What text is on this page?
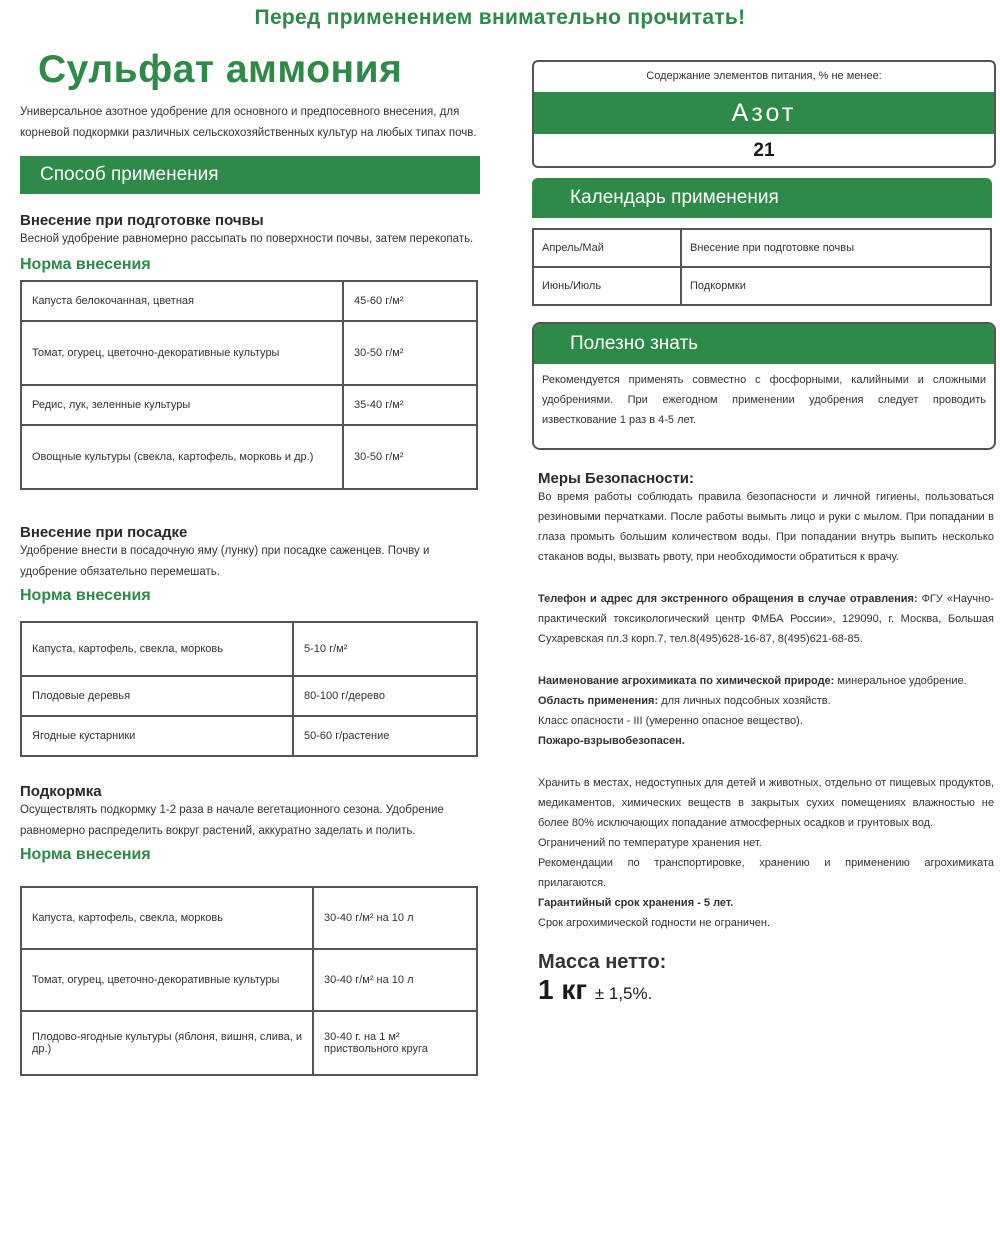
Перед применением внимательно прочитать!
Сульфат аммония

Универсальное азотное удобрение для основного и предпосевного внесения, для корневой подкормки различных сельскохозяйственных культур на любых типах почв.

Способ применения

Внесение при подготовке почвы

Весной удобрение равномерно рассыпать по поверхности почвы, затем перекопать.

Норма внесения

Капуста белокочанная, цветная	45-60 г/м²
Томат, огурец, цветочно-декоративные культуры	30-50 г/м²
Редис, лук, зеленные культуры	35-40 г/м²
Овощные культуры (свекла, картофель, морковь и др.)	30-50 г/м²

Внесение при посадке

Удобрение внести в посадочную яму (лунку) при посадке саженцев. Почву и удобрение обязательно перемешать.

Норма внесения

Капуста, картофель, свекла, морковь	5-10 г/м²
Плодовые деревья	80-100 г/дерево
Ягодные кустарники	50-60 г/растение

Подкормка

Осуществлять подкормку 1-2 раза в начале вегетационного сезона. Удобрение равномерно распределить вокруг растений, аккуратно заделать и полить.

Норма внесения

Капуста, картофель, свекла, морковь	30-40 г/м² на 10 л
Томат, огурец, цветочно-декоративные культуры	30-40 г/м² на 10 л
Плодово-ягодные культуры (яблоня, вишня, слива, и др.)	30-40 г. на 1 м² приствольного круга
Содержание элементов питания, % не менее:
Азот
21
Календарь применения
Апрель/Май	Внесение при подготовке почвы
Июнь/Июль	Подкормки
Полезно знать
Рекомендуется применять совместно с фосфорными, калийными и сложными удобрениями. При ежегодном применении удобрения следует проводить известкование 1 раз в 4-5 лет.

Меры Безопасности:

Во время работы соблюдать правила безопасности и личной гигиены, пользоваться резиновыми перчатками. После работы вымыть лицо и руки с мылом. При попадании в глаза промыть большим количеством воды. При попадании внутрь выпить несколько стаканов воды, вызвать рвоту, при необходимости обратиться к врачу.

Телефон и адрес для экстренного обращения в случае отравления: ФГУ «Научно-практический токсикологический центр ФМБА России», 129090, г. Москва, Большая Сухаревская пл.3 корп.7, тел.8(495)628-16-87, 8(495)621-68-85.

Наименование агрохимиката по химической природе: минеральное удобрение.
Область применения: для личных подсобных хозяйств.
Класс опасности - III (умеренно опасное вещество).
Пожаро-взрывобезопасен.

Хранить в местах, недоступных для детей и животных, отдельно от пищевых продуктов, медикаментов, химических веществ в закрытых сухих помещениях влажностью не более 80% исключающих попадание атмосферных осадков и грунтовых вод.
Ограничений по температуре хранения нет.
Рекомендации по транспортировке, хранению и применению агрохимиката прилагаются.
Гарантийный срок хранения - 5 лет.
Срок агрохимической годности не ограничен.

Масса нетто:
1 кг ± 1,5%.
